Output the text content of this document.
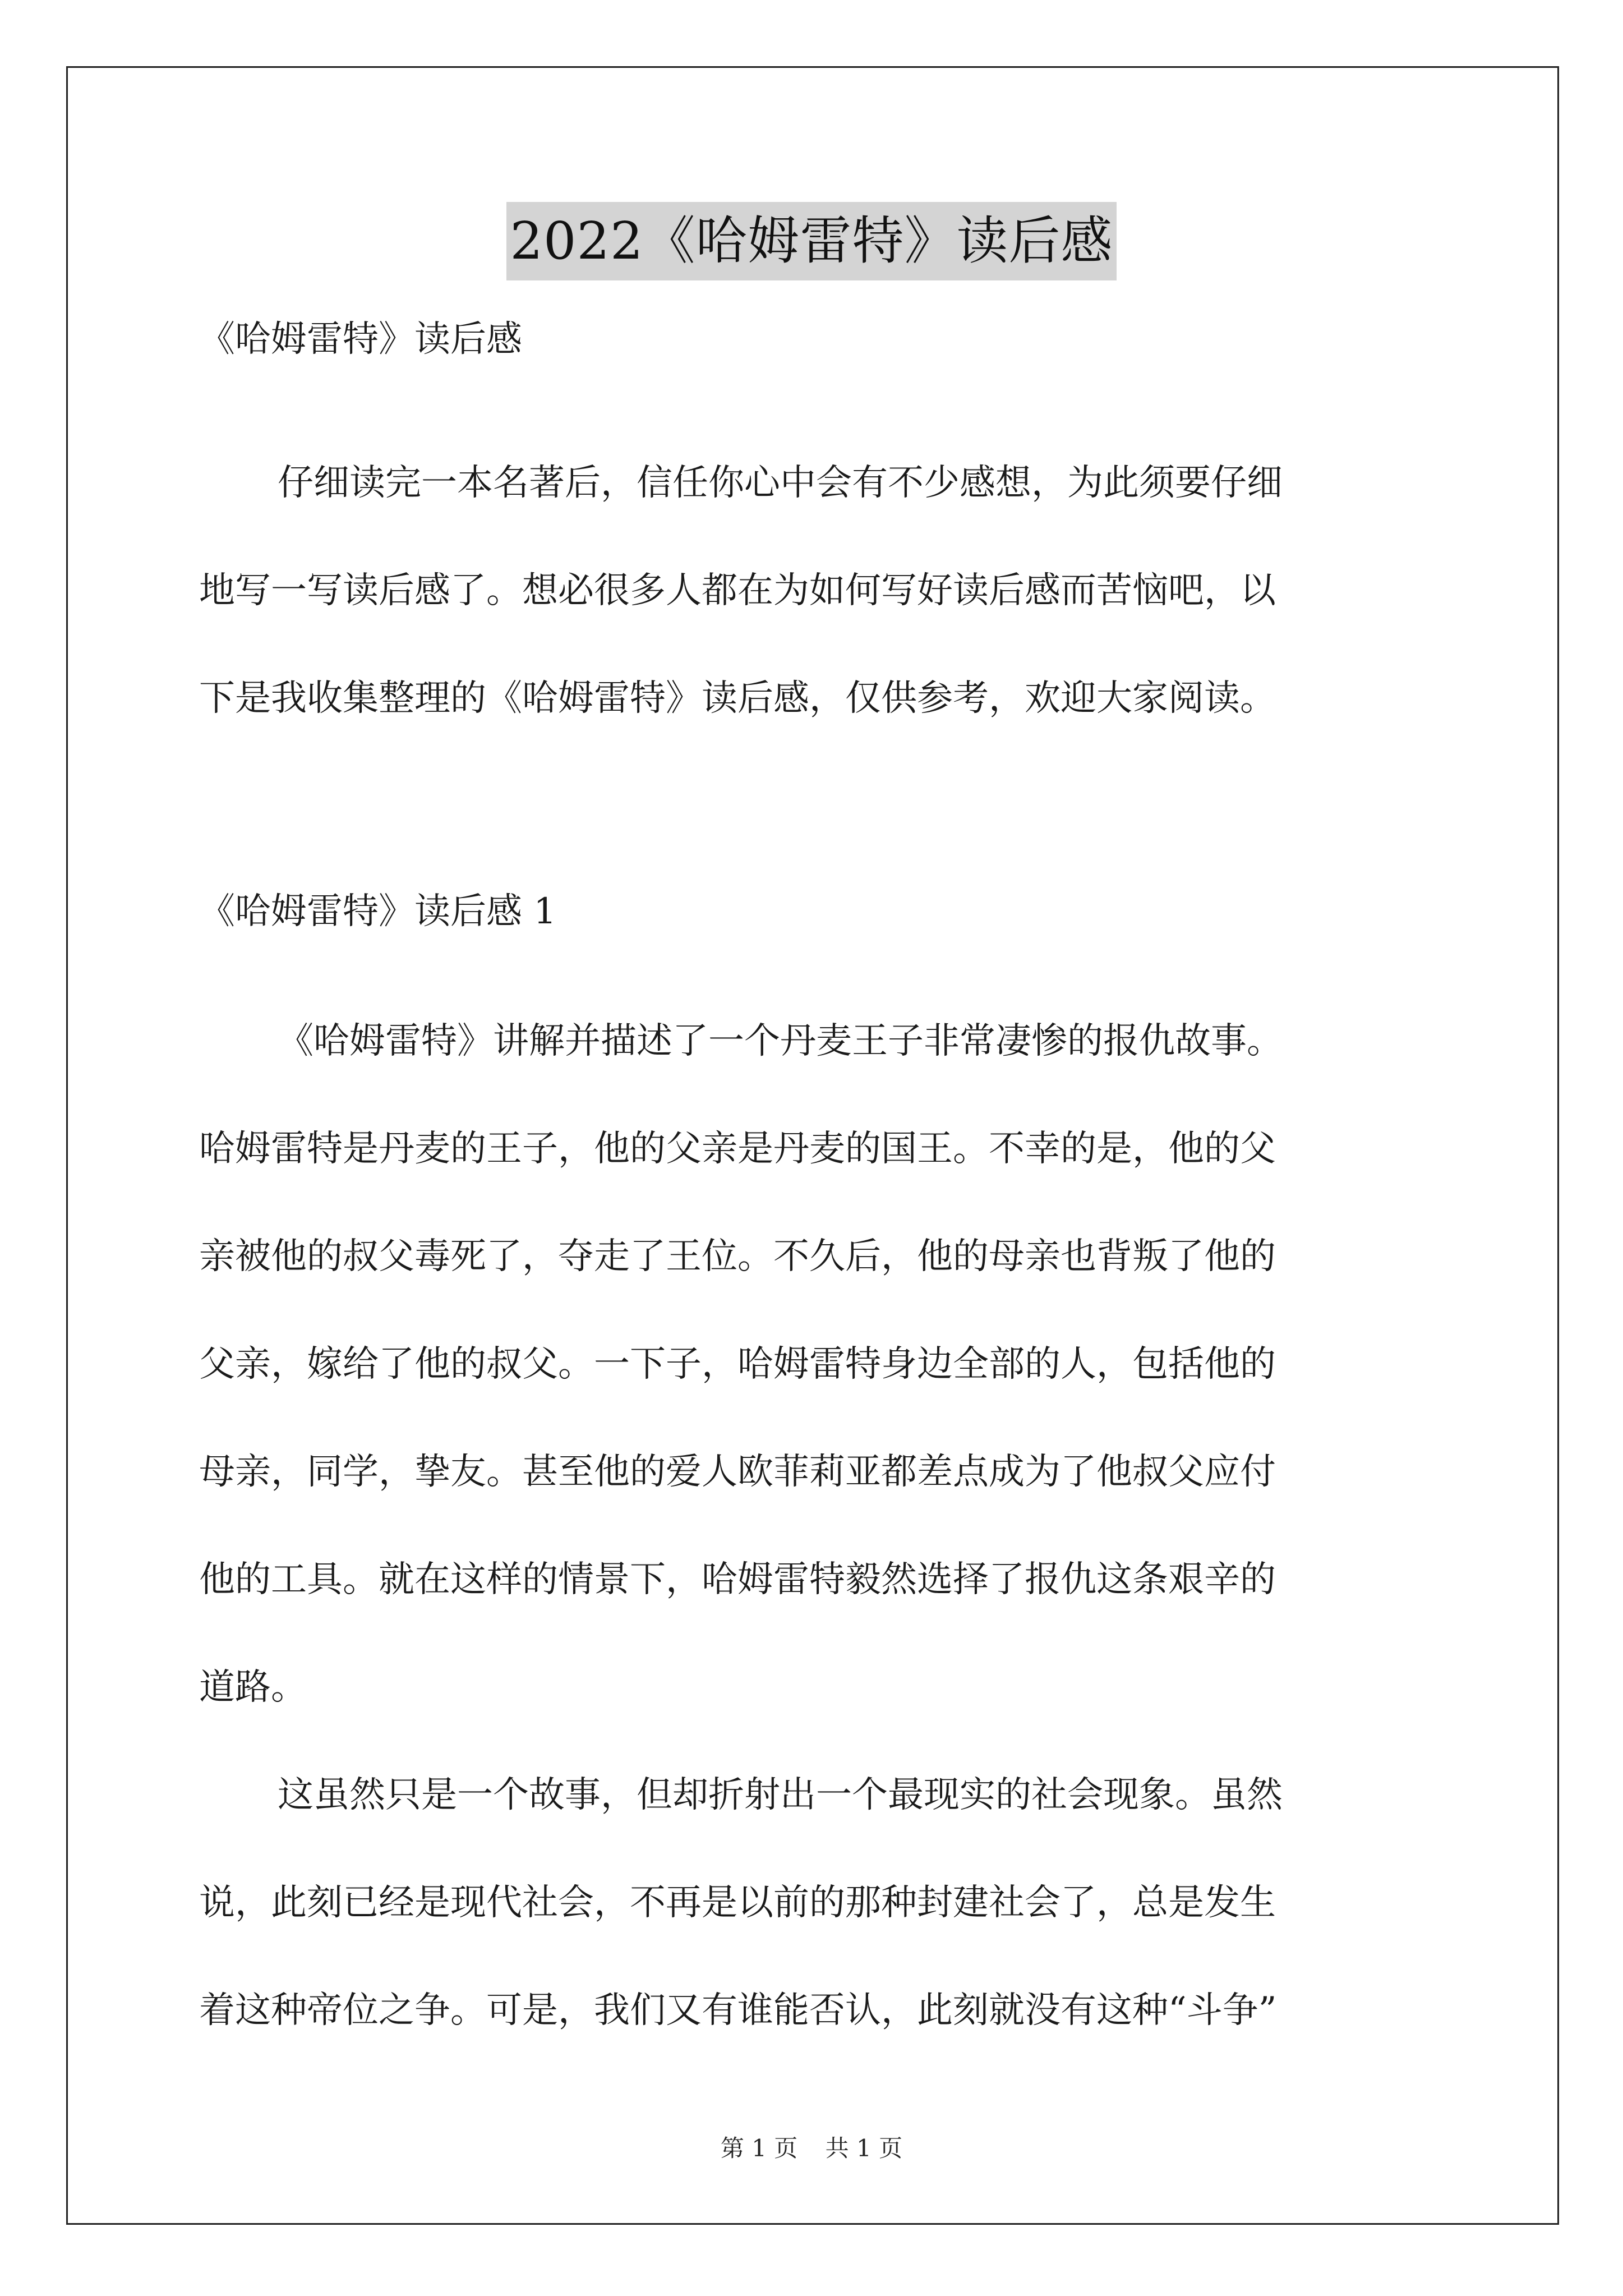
2022《哈姆雷特》读后感

《哈姆雷特》读后感

仔细读完一本名著后，信任你心中会有不少感想，为此须要仔细

地写一写读后感了。想必很多人都在为如何写好读后感而苦恼吧，以

下是我收集整理的《哈姆雷特》读后感，仅供参考，欢迎大家阅读。

《哈姆雷特》读后感 1

《哈姆雷特》讲解并描述了一个丹麦王子非常凄惨的报仇故事。

哈姆雷特是丹麦的王子，他的父亲是丹麦的国王。不幸的是，他的父

亲被他的叔父毒死了，夺走了王位。不久后，他的母亲也背叛了他的

父亲，嫁给了他的叔父。一下子，哈姆雷特身边全部的人，包括他的

母亲，同学，挚友。甚至他的爱人欧菲莉亚都差点成为了他叔父应付

他的工具。就在这样的情景下，哈姆雷特毅然选择了报仇这条艰辛的

道路。

这虽然只是一个故事，但却折射出一个最现实的社会现象。虽然

说，此刻已经是现代社会，不再是以前的那种封建社会了，总是发生

着这种帝位之争。可是，我们又有谁能否认，此刻就没有这种“斗争”

第 1 页 共 1 页
